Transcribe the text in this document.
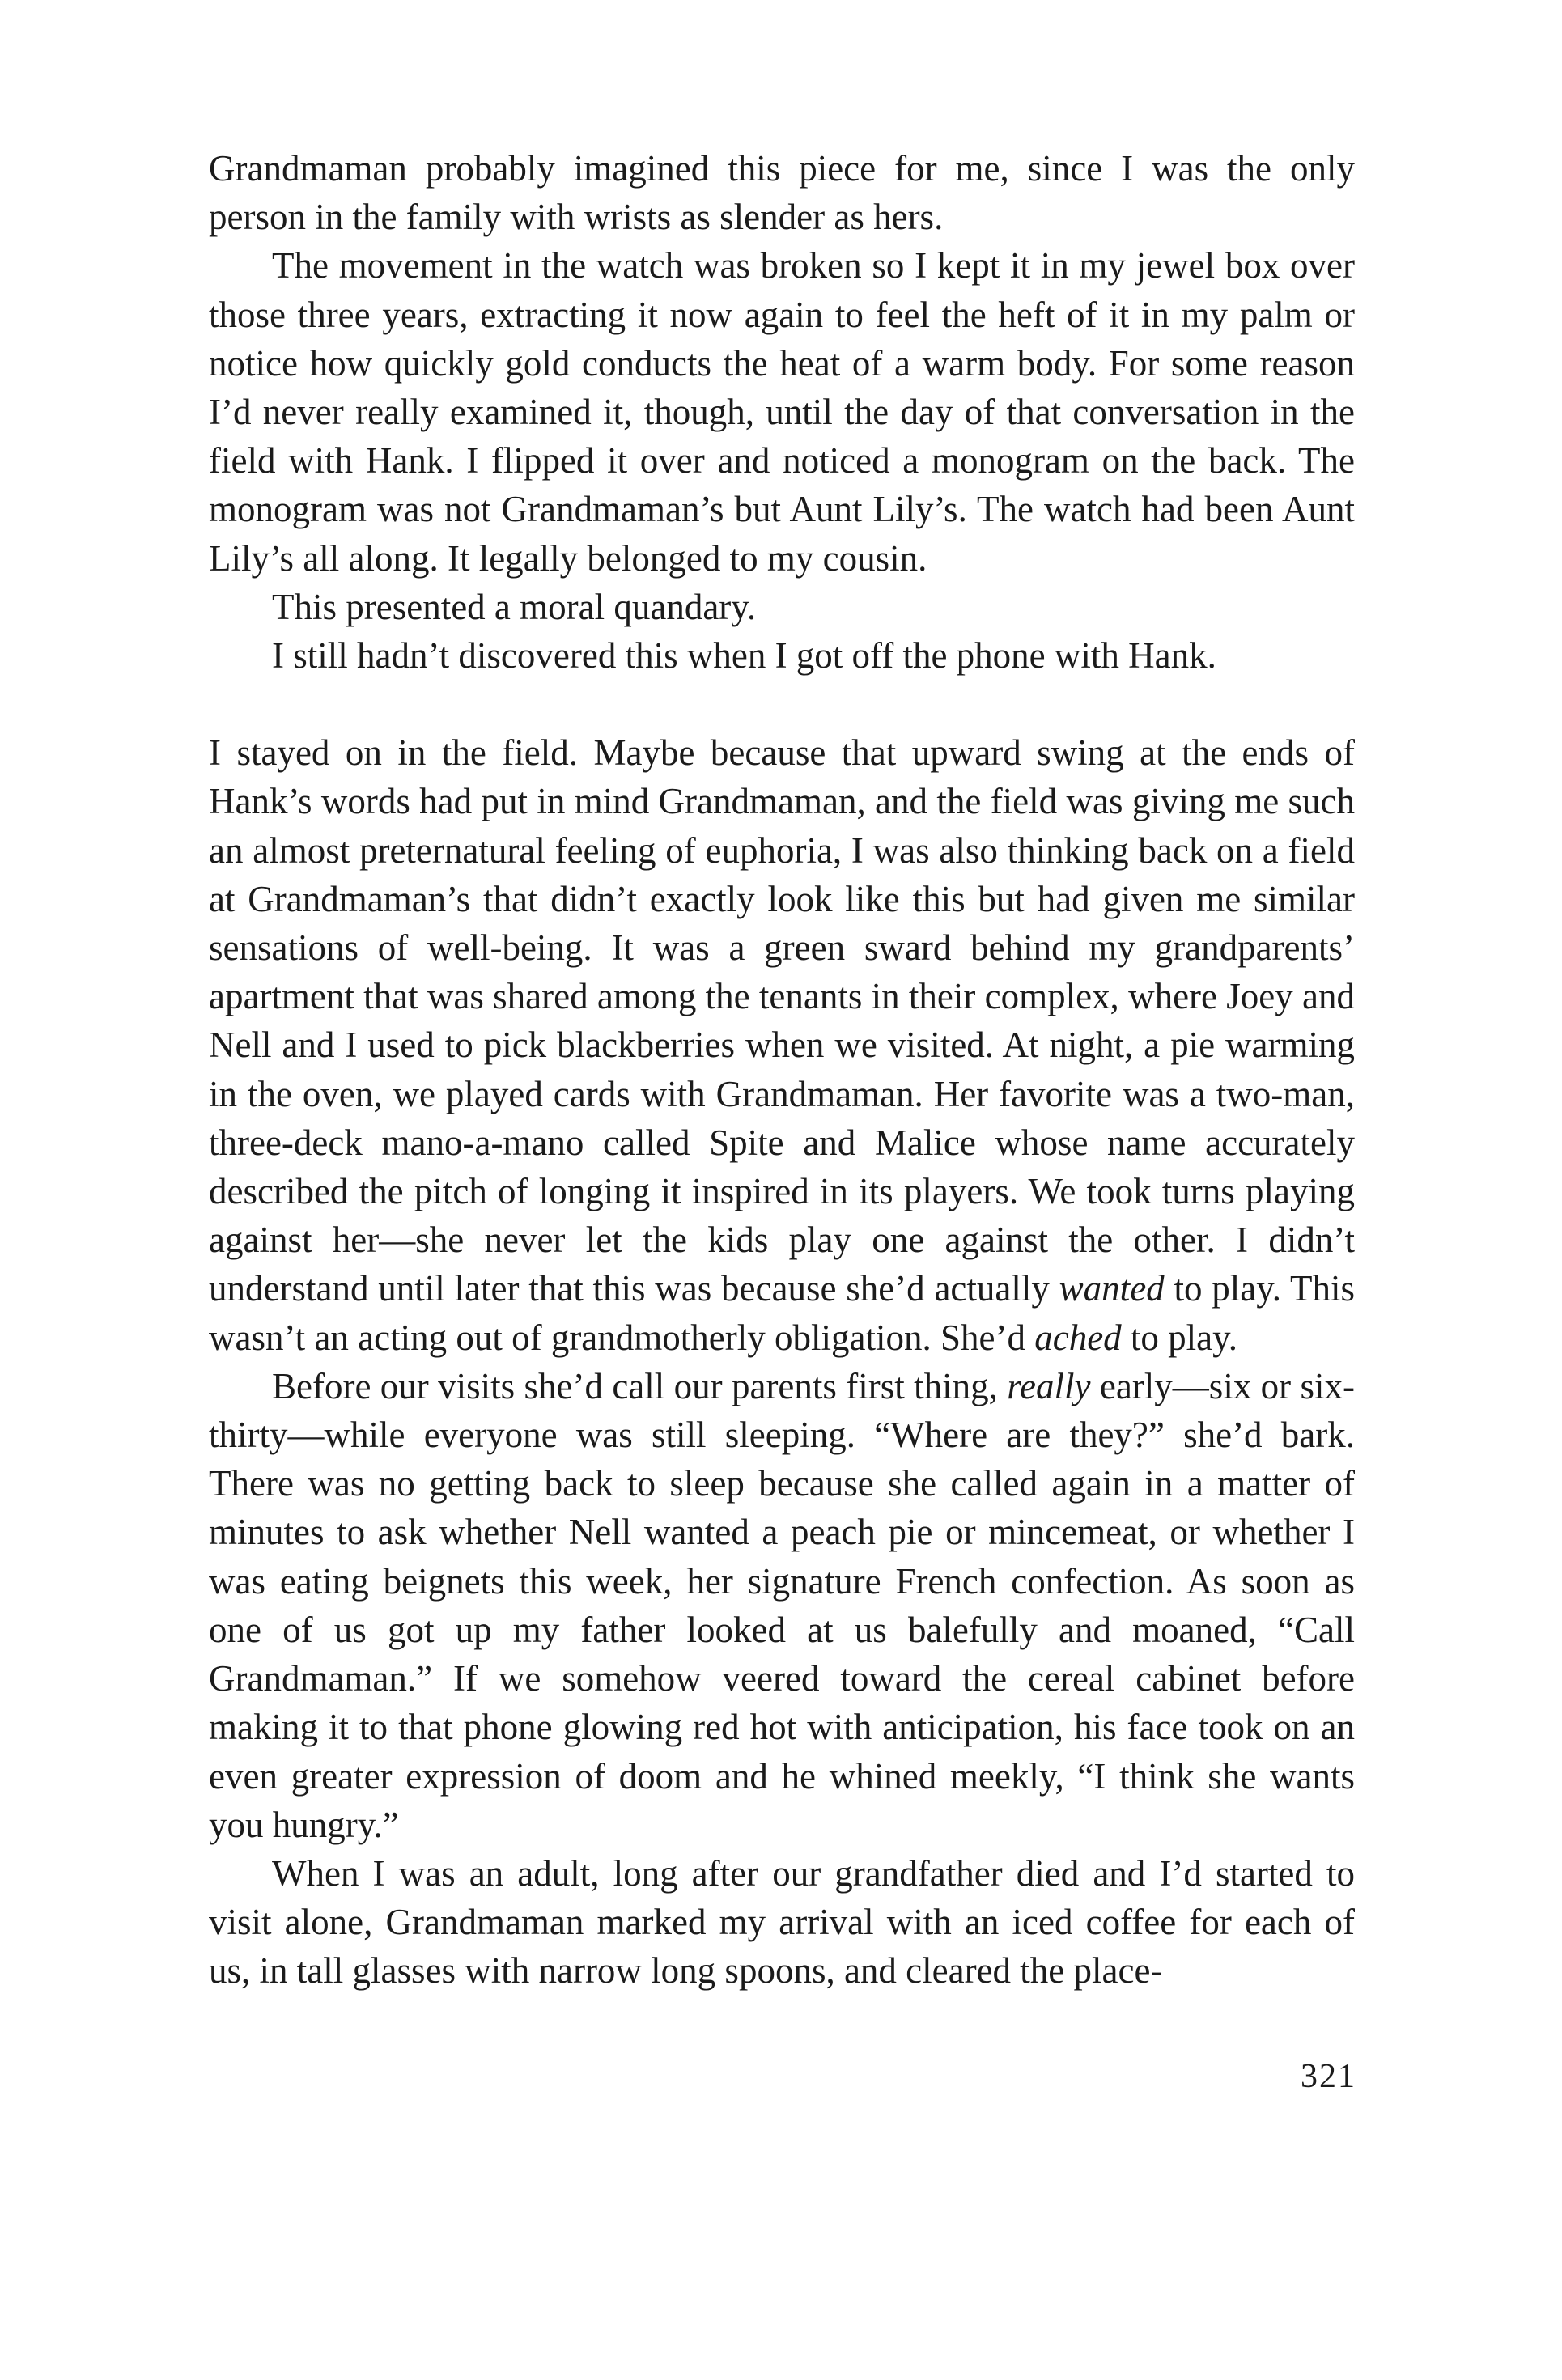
Grandmaman probably imagined this piece for me, since I was the only person in the family with wrists as slender as hers.

The movement in the watch was broken so I kept it in my jewel box over those three years, extracting it now again to feel the heft of it in my palm or notice how quickly gold conducts the heat of a warm body. For some reason I’d never really examined it, though, until the day of that conversation in the field with Hank. I flipped it over and noticed a monogram on the back. The monogram was not Grandmaman’s but Aunt Lily’s. The watch had been Aunt Lily’s all along. It legally belonged to my cousin.

This presented a moral quandary.

I still hadn’t discovered this when I got off the phone with Hank.

I stayed on in the field. Maybe because that upward swing at the ends of Hank’s words had put in mind Grandmaman, and the field was giving me such an almost preternatural feeling of euphoria, I was also thinking back on a field at Grandmaman’s that didn’t exactly look like this but had given me similar sensations of well-being. It was a green sward behind my grandparents’ apartment that was shared among the tenants in their complex, where Joey and Nell and I used to pick blackberries when we visited. At night, a pie warming in the oven, we played cards with Grandmaman. Her favorite was a two-man, three-deck mano-a-mano called Spite and Malice whose name accurately described the pitch of longing it inspired in its players. We took turns playing against her—she never let the kids play one against the other. I didn’t understand until later that this was because she’d actually wanted to play. This wasn’t an acting out of grandmotherly obligation. She’d ached to play.

Before our visits she’d call our parents first thing, really early—six or six-thirty—while everyone was still sleeping. “Where are they?” she’d bark. There was no getting back to sleep because she called again in a matter of minutes to ask whether Nell wanted a peach pie or mincemeat, or whether I was eating beignets this week, her signature French confection. As soon as one of us got up my father looked at us balefully and moaned, “Call Grandmaman.” If we somehow veered toward the cereal cabinet before making it to that phone glowing red hot with anticipation, his face took on an even greater expression of doom and he whined meekly, “I think she wants you hungry.”

When I was an adult, long after our grandfather died and I’d started to visit alone, Grandmaman marked my arrival with an iced coffee for each of us, in tall glasses with narrow long spoons, and cleared the place-

321
